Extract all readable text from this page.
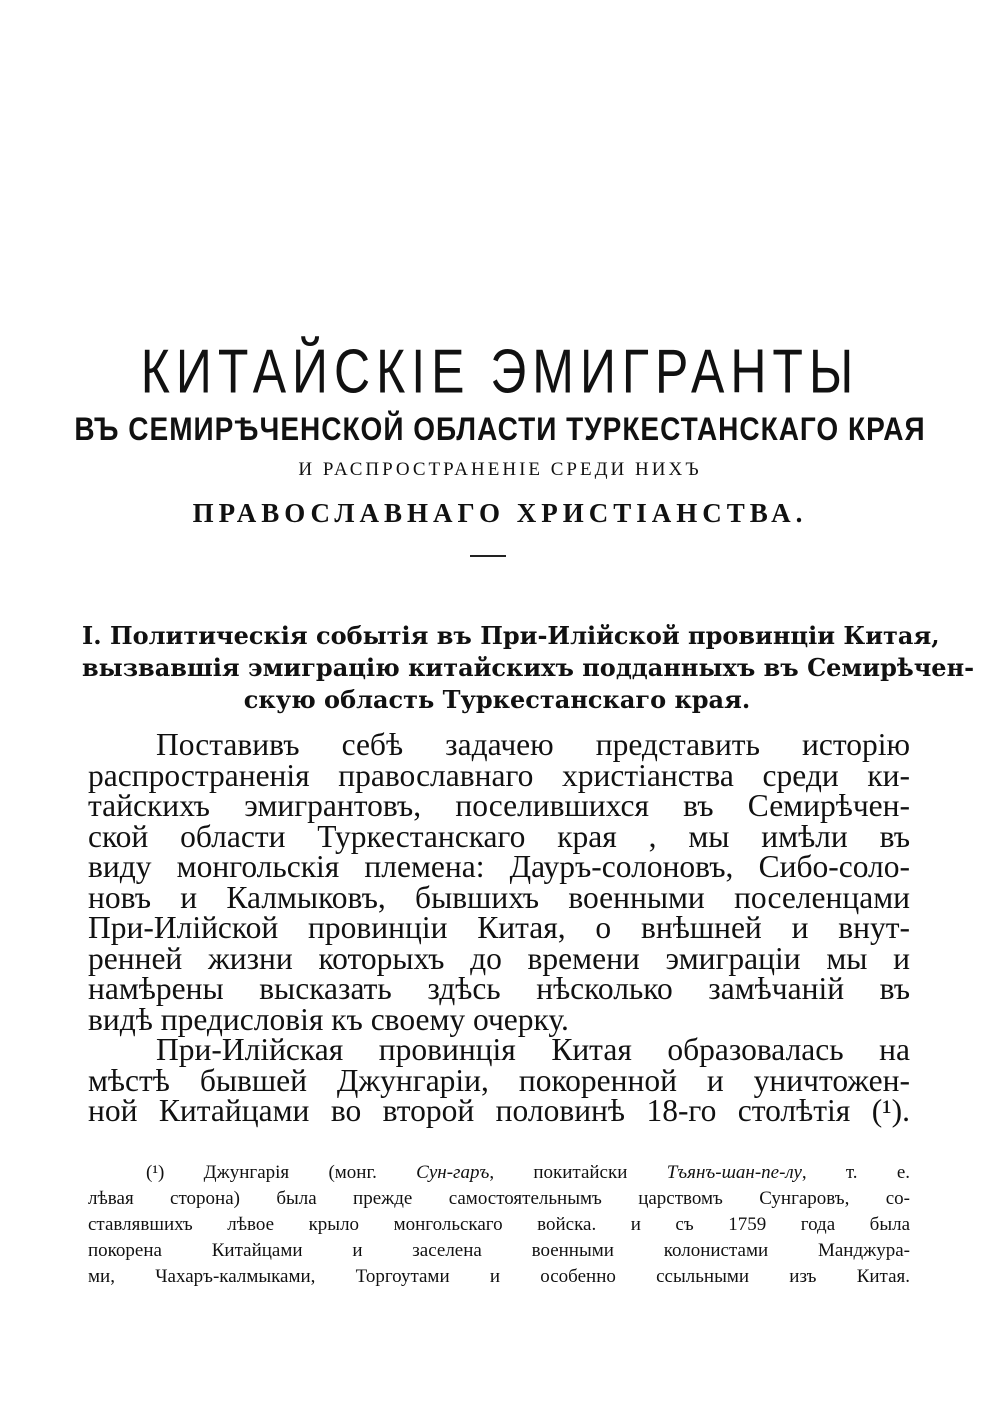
КИТАЙСКІЕ ЭМИГРАНТЫ
ВЪ СЕМИРѢЧЕНСКОЙ ОБЛАСТИ ТУРКЕСТАНСКАГО КРАЯ
И РАСПРОСТРАНЕНІЕ СРЕДИ НИХЪ
ПРАВОСЛАВНАГО ХРИСТІАНСТВА.
I. Политическія событія въ При-Илійской провинціи Китая,
вызвавшія эмиграцію китайскихъ подданныхъ въ Семирѣчен-
скую область Туркестанскаго края.
Поставивъ себѣ задачею представить исторію
распространенія православнаго христіанства среди ки-
тайскихъ эмигрантовъ, поселившихся въ Семирѣчен-
ской области Туркестанскаго края , мы имѣли въ
виду монгольскія племена: Дауръ-солоновъ, Сибо-соло-
новъ и Калмыковъ, бывшихъ военными поселенцами
При-Илійской провинціи Китая, о внѣшней и внут-
ренней жизни которыхъ до времени эмиграціи мы и
намѣрены высказать здѣсь нѣсколько замѣчаній въ
видѣ предисловія къ своему очерку.
При-Илійская провинція Китая образовалась на
мѣстѣ бывшей Джунгаріи, покоренной и уничтожен-
ной Китайцами во второй половинѣ 18-го столѣтія (¹).
(¹) Джунгарія (монг. Сун-гаръ, покитайски Тъянъ-шан-пе-лу, т. е.
лѣвая сторона) была прежде самостоятельнымъ царствомъ Сунгаровъ, со-
ставлявшихъ лѣвое крыло монгольскаго войска. и съ 1759 года была
покорена Китайцами и заселена военными колонистами Манджура-
ми, Чахаръ-калмыками, Торгоутами и особенно ссыльными изъ Китая.
